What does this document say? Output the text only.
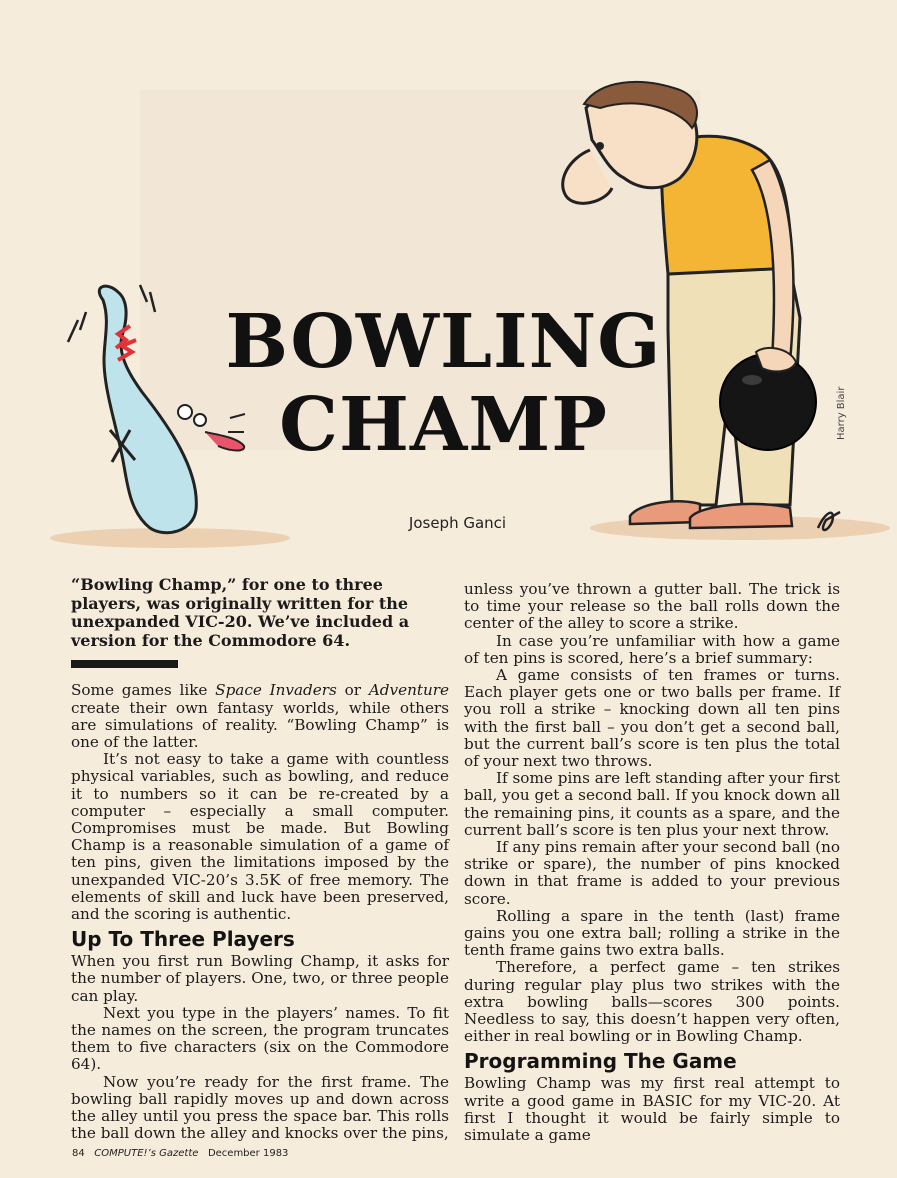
BOWLING
CHAMP
Joseph Ganci
Harry Blair
“Bowling Champ,” for one to three players, was originally written for the unexpanded VIC-20. We’ve included a version for the Commodore 64.

Some games like Space Invaders or Adventure create their own fantasy worlds, while others are simulations of reality. “Bowling Champ” is one of the latter.

It’s not easy to take a game with countless physical variables, such as bowling, and reduce it to numbers so it can be re-created by a computer – especially a small computer. Compromises must be made. But Bowling Champ is a reasonable simulation of a game of ten pins, given the limitations imposed by the unexpanded VIC-20’s 3.5K of free memory. The elements of skill and luck have been preserved, and the scoring is authentic.

Up To Three Players

When you first run Bowling Champ, it asks for the number of players. One, two, or three people can play.

Next you type in the players’ names. To fit the names on the screen, the program truncates them to five characters (six on the Commodore 64).

Now you’re ready for the first frame. The bowling ball rapidly moves up and down across the alley until you press the space bar. This rolls the ball down the alley and knocks over the pins,

unless you’ve thrown a gutter ball. The trick is to time your release so the ball rolls down the center of the alley to score a strike.

In case you’re unfamiliar with how a game of ten pins is scored, here’s a brief summary:

A game consists of ten frames or turns. Each player gets one or two balls per frame. If you roll a strike – knocking down all ten pins with the first ball – you don’t get a second ball, but the current ball’s score is ten plus the total of your next two throws.

If some pins are left standing after your first ball, you get a second ball. If you knock down all the remaining pins, it counts as a spare, and the current ball’s score is ten plus your next throw.

If any pins remain after your second ball (no strike or spare), the number of pins knocked down in that frame is added to your previous score.

Rolling a spare in the tenth (last) frame gains you one extra ball; rolling a strike in the tenth frame gains two extra balls.

Therefore, a perfect game – ten strikes during regular play plus two strikes with the extra bowling balls—scores 300 points. Needless to say, this doesn’t happen very often, either in real bowling or in Bowling Champ.

Programming The Game

Bowling Champ was my first real attempt to write a good game in BASIC for my VIC-20. At first I thought it would be fairly simple to simulate a game

84 COMPUTE!’s Gazette December 1983
